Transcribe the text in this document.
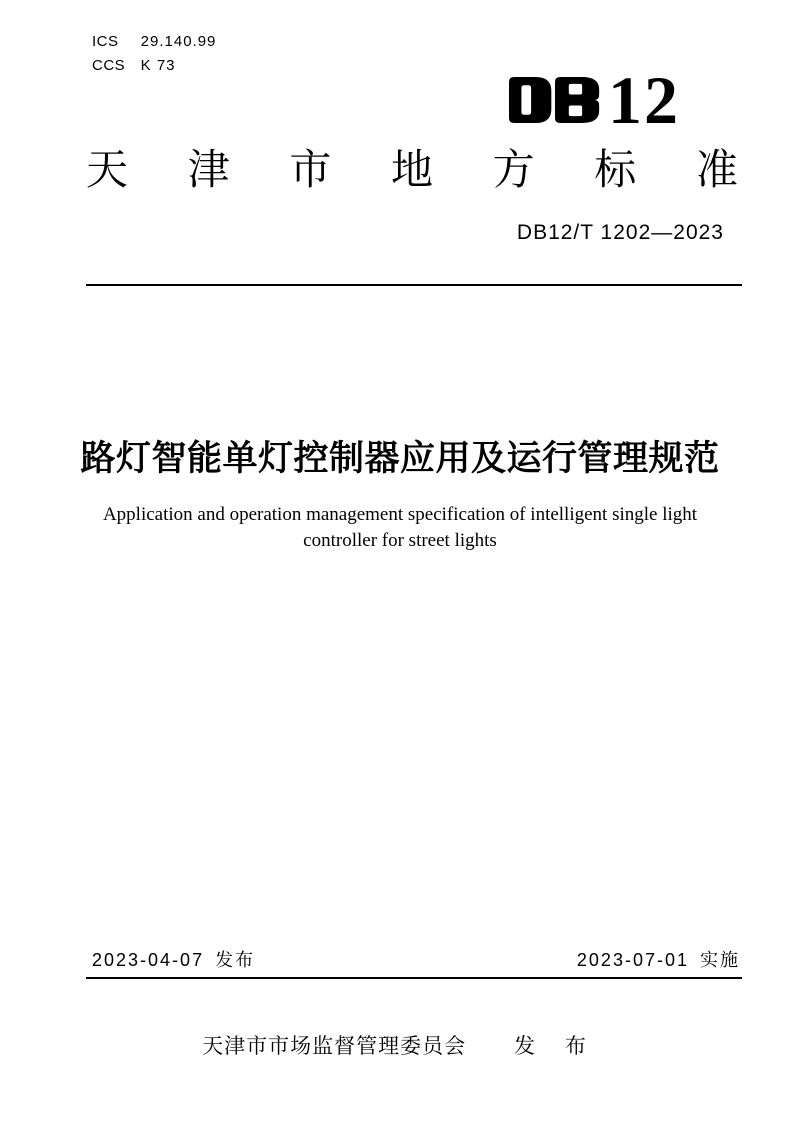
ICS 29.140.99
CCS K 73	12
天 津 市 地 方 标 准
DB12/T 1202—2023
路灯智能单灯控制器应用及运行管理规范

Application and operation management specification of intelligent single light
controller for street lights

2023-04-07 发布	2023-07-01 实施
天津市市场监督管理委员会 发 布
